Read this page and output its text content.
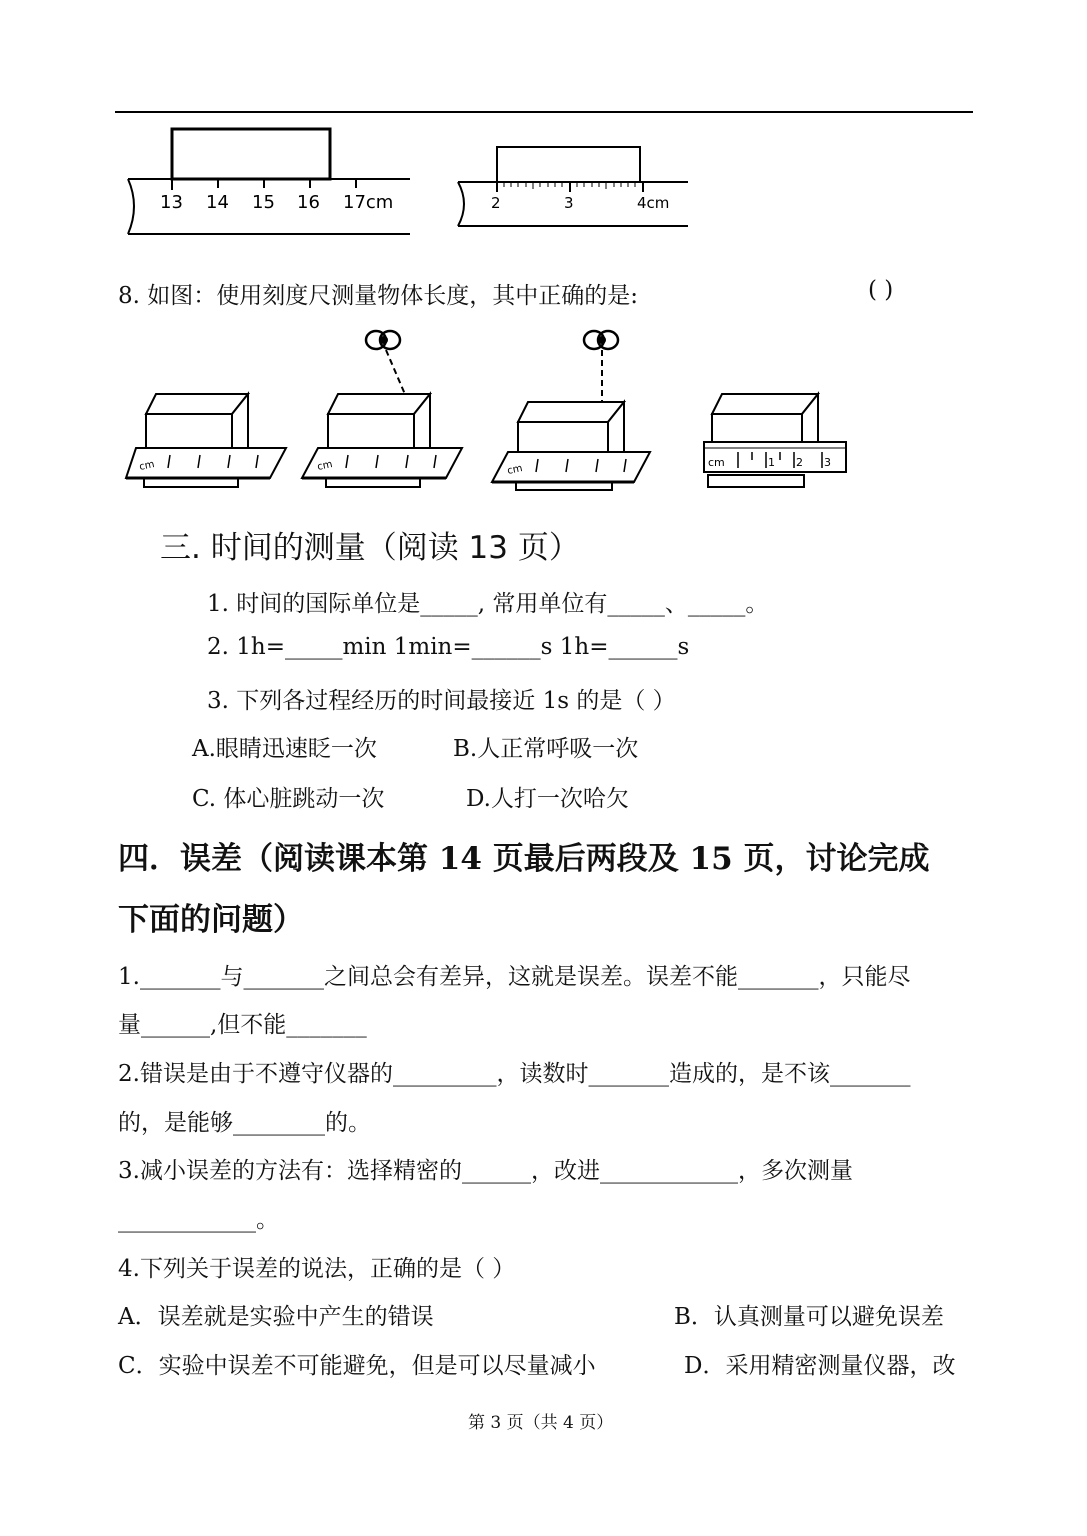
13 14 15 16 17cm	2	3	4cm
8. 如图：使用刻度尺测量物体长度，其中正确的是:	( )
cm	cm	cm
cm	1 2 3
三. 时间的测量（阅读 13 页）
1. 时间的国际单位是_____, 常用单位有_____、_____。
2. 1h=_____min 1min=______s 1h=______s
3. 下列各过程经历的时间最接近 1s 的是（ ）
A.眼睛迅速眨一次	B.人正常呼吸一次
C. 体心脏跳动一次	D.人打一次哈欠
四．误差（阅读课本第 14 页最后两段及 15 页，讨论完成
下面的问题）
1._______与_______之间总会有差异，这就是误差。误差不能_______，只能尽
量______,但不能_______
2.错误是由于不遵守仪器的_________，读数时_______造成的，是不该_______
的，是能够________的。
3.减小误差的方法有：选择精密的______，改进____________，多次测量
____________。
4.下列关于误差的说法，正确的是（ ）
A．误差就是实验中产生的错误	B．认真测量可以避免误差
C．实验中误差不可能避免，但是可以尽量减小	D．采用精密测量仪器，改
第 3 页（共 4 页）
